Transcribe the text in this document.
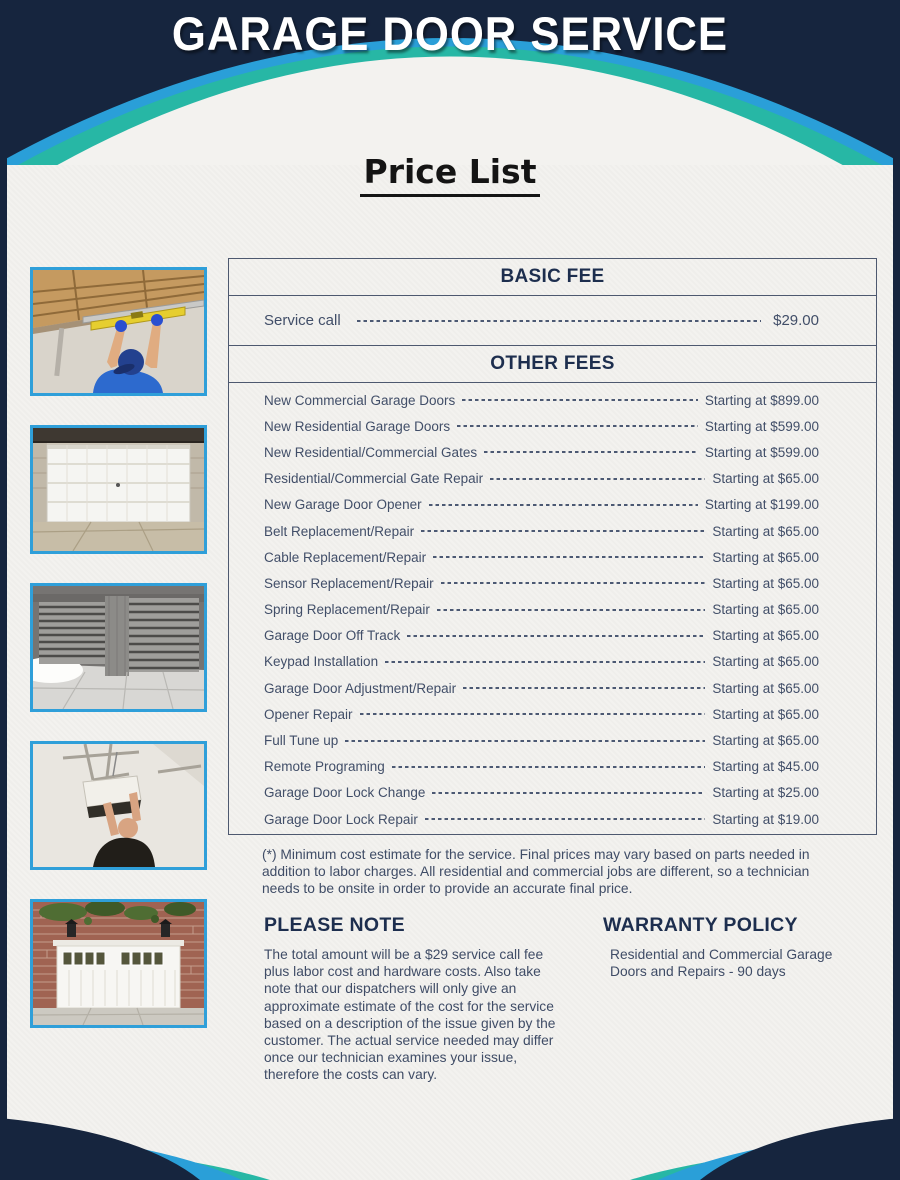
GARAGE DOOR SERVICE
Price List
BASIC FEE
Service call	$29.00
OTHER FEES
New Commercial Garage Doors	Starting at $899.00
New Residential Garage Doors	Starting at $599.00
New Residential/Commercial Gates	Starting at $599.00
Residential/Commercial Gate Repair	Starting at $65.00
New Garage Door Opener	Starting at $199.00
Belt Replacement/Repair	Starting at $65.00
Cable Replacement/Repair	Starting at $65.00
Sensor Replacement/Repair	Starting at $65.00
Spring Replacement/Repair	Starting at $65.00
Garage Door Off Track	Starting at $65.00
Keypad Installation	Starting at $65.00
Garage Door Adjustment/Repair	Starting at $65.00
Opener Repair	Starting at $65.00
Full Tune up	Starting at $65.00
Remote Programing	Starting at $45.00
Garage Door Lock Change	Starting at $25.00
Garage Door Lock Repair	Starting at $19.00
(*) Minimum cost estimate for the service. Final prices may vary based on parts needed in addition to labor charges. All residential and commercial jobs are different, so a technician needs to be onsite in order to provide an accurate final price.
PLEASE NOTE
The total amount will be a $29 service call fee plus labor cost and hardware costs. Also take note that our dispatchers will only give an approximate estimate of the cost for the service based on a description of the issue given by the customer. The actual service needed may differ once our technician examines your issue, therefore the costs can vary.
WARRANTY POLICY
Residential and Commercial Garage Doors and Repairs - 90 days
